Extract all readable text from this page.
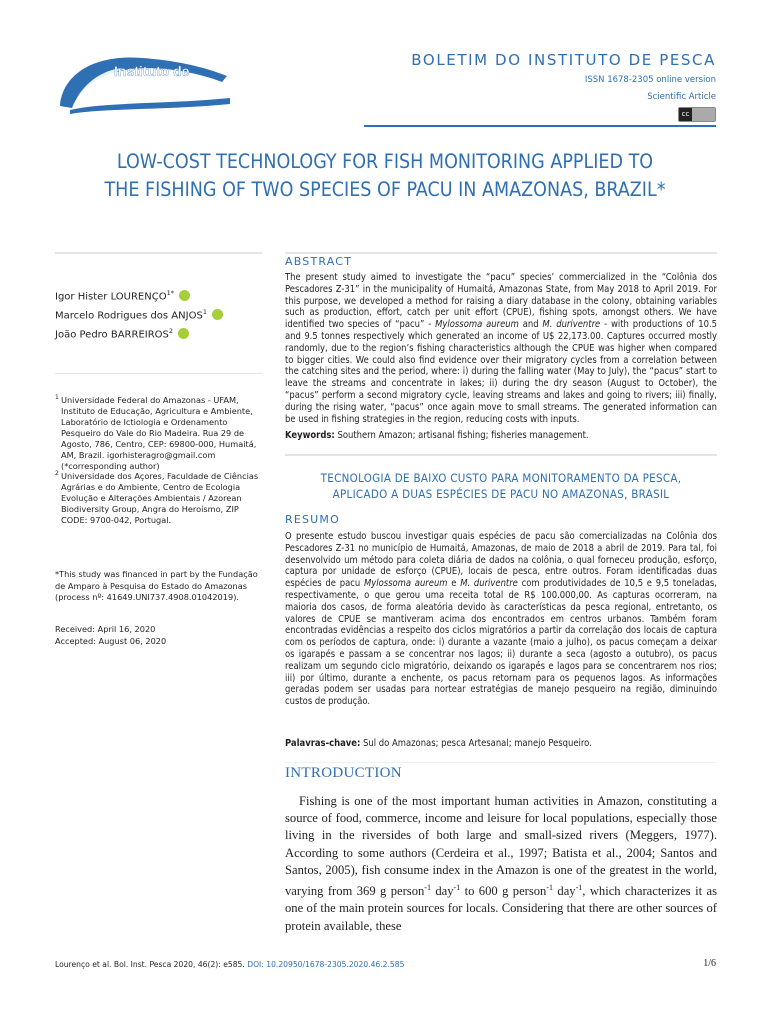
Instituto de
PESCA
BOLETIM DO INSTITUTO DE PESCA
ISSN 1678-2305 online version
Scientific Article
cc
LOW-COST TECHNOLOGY FOR FISH MONITORING APPLIED TO
THE FISHING OF TWO SPECIES OF PACU IN AMAZONAS, BRAZIL*
Igor Hister $LOURENÇO^{1*}$
Marcelo Rodrigues dos ANJOS$^1$
João Pedro BARREIROS$^2$
1 Universidade Federal do Amazonas - UFAM, Instituto de Educação, Agricultura e Ambiente, Laboratório de Ictiologia e Ordenamento Pesqueiro do Vale do Rio Madeira. Rua 29 de Agosto, 786, Centro, CEP: 69800-000, Humaitá, AM, Brazil. igorhisteragro@gmail.com (*corresponding author)
2 Universidade dos Açores, Faculdade de Ciências Agrárias e do Ambiente, Centro de Ecologia Evolução e Alterações Ambientais / Azorean Biodiversity Group, Angra do Heroísmo, ZIP CODE: 9700-042, Portugal.
*This study was financed in part by the Fundação de Amparo à Pesquisa do Estado do Amazonas (process nº: 41649.UNI737.4908.01042019).
Received: April 16, 2020
Accepted: August 06, 2020
ABSTRACT
The present study aimed to investigate the “pacu” species’ commercialized in the “Colônia dos Pescadores Z-31” in the municipality of Humaitá, Amazonas State, from May 2018 to April 2019. For this purpose, we developed a method for raising a diary database in the colony, obtaining variables such as production, effort, catch per unit effort (CPUE), fishing spots, amongst others. We have identified two species of “pacu” - Mylossoma aureum and M. duriventre - with productions of 10.5 and 9.5 tonnes respectively which generated an income of U$ 22,173.00. Captures occurred mostly randomly, due to the region’s fishing characteristics although the CPUE was higher when compared to bigger cities. We could also find evidence over their migratory cycles from a correlation between the catching sites and the period, where: i) during the falling water (May to July), the “pacus” start to leave the streams and concentrate in lakes; ii) during the dry season (August to October), the “pacus” perform a second migratory cycle, leaving streams and lakes and going to rivers; iii) finally, during the rising water, “pacus” once again move to small streams. The generated information can be used in fishing strategies in the region, reducing costs with inputs.
Keywords: Southern Amazon; artisanal fishing; fisheries management.
TECNOLOGIA DE BAIXO CUSTO PARA MONITORAMENTO DA PESCA,
APLICADO A DUAS ESPÉCIES DE PACU NO AMAZONAS, BRASIL
RESUMO
O presente estudo buscou investigar quais espécies de pacu são comercializadas na Colônia dos Pescadores Z-31 no município de Humaitá, Amazonas, de maio de 2018 a abril de 2019. Para tal, foi desenvolvido um método para coleta diária de dados na colônia, o qual forneceu produção, esforço, captura por unidade de esforço (CPUE), locais de pesca, entre outros. Foram identificadas duas espécies de pacu Mylossoma aureum e M. duriventre com produtividades de 10,5 e 9,5 toneladas, respectivamente, o que gerou uma receita total de R$ 100.000,00. As capturas ocorreram, na maioria dos casos, de forma aleatória devido às características da pesca regional, entretanto, os valores de CPUE se mantiveram acima dos encontrados em centros urbanos. Também foram encontradas evidências a respeito dos ciclos migratórios a partir da correlação dos locais de captura com os períodos de captura, onde: i) durante a vazante (maio a julho), os pacus começam a deixar os igarapés e passam a se concentrar nos lagos; ii) durante a seca (agosto a outubro), os pacus realizam um segundo ciclo migratório, deixando os igarapés e lagos para se concentrarem nos rios; iii) por último, durante a enchente, os pacus retornam para os pequenos lagos. As informações geradas podem ser usadas para nortear estratégias de manejo pesqueiro na região, diminuindo custos de produção.
Palavras-chave: Sul do Amazonas; pesca Artesanal; manejo Pesqueiro.
INTRODUCTION
Fishing is one of the most important human activities in Amazon, constituting a source of food, commerce, income and leisure for local populations, especially those living in the riversides of both large and small-sized rivers (Meggers, 1977). According to some authors (Cerdeira et al., 1997; Batista et al., 2004; Santos and Santos, 2005), fish consume index in the Amazon is one of the greatest in the world, varying from 369 g person$^{-1}$ day$^{-1}$ to 600 g person$^{-1}$ day$^{-1}$, which characterizes it as one of the main protein sources for locals. Considering that there are other sources of protein available, these
Lourenço et al. Bol. Inst. Pesca 2020, 46(2): e585. DOI: 10.20950/1678-2305.2020.46.2.585	1/6
